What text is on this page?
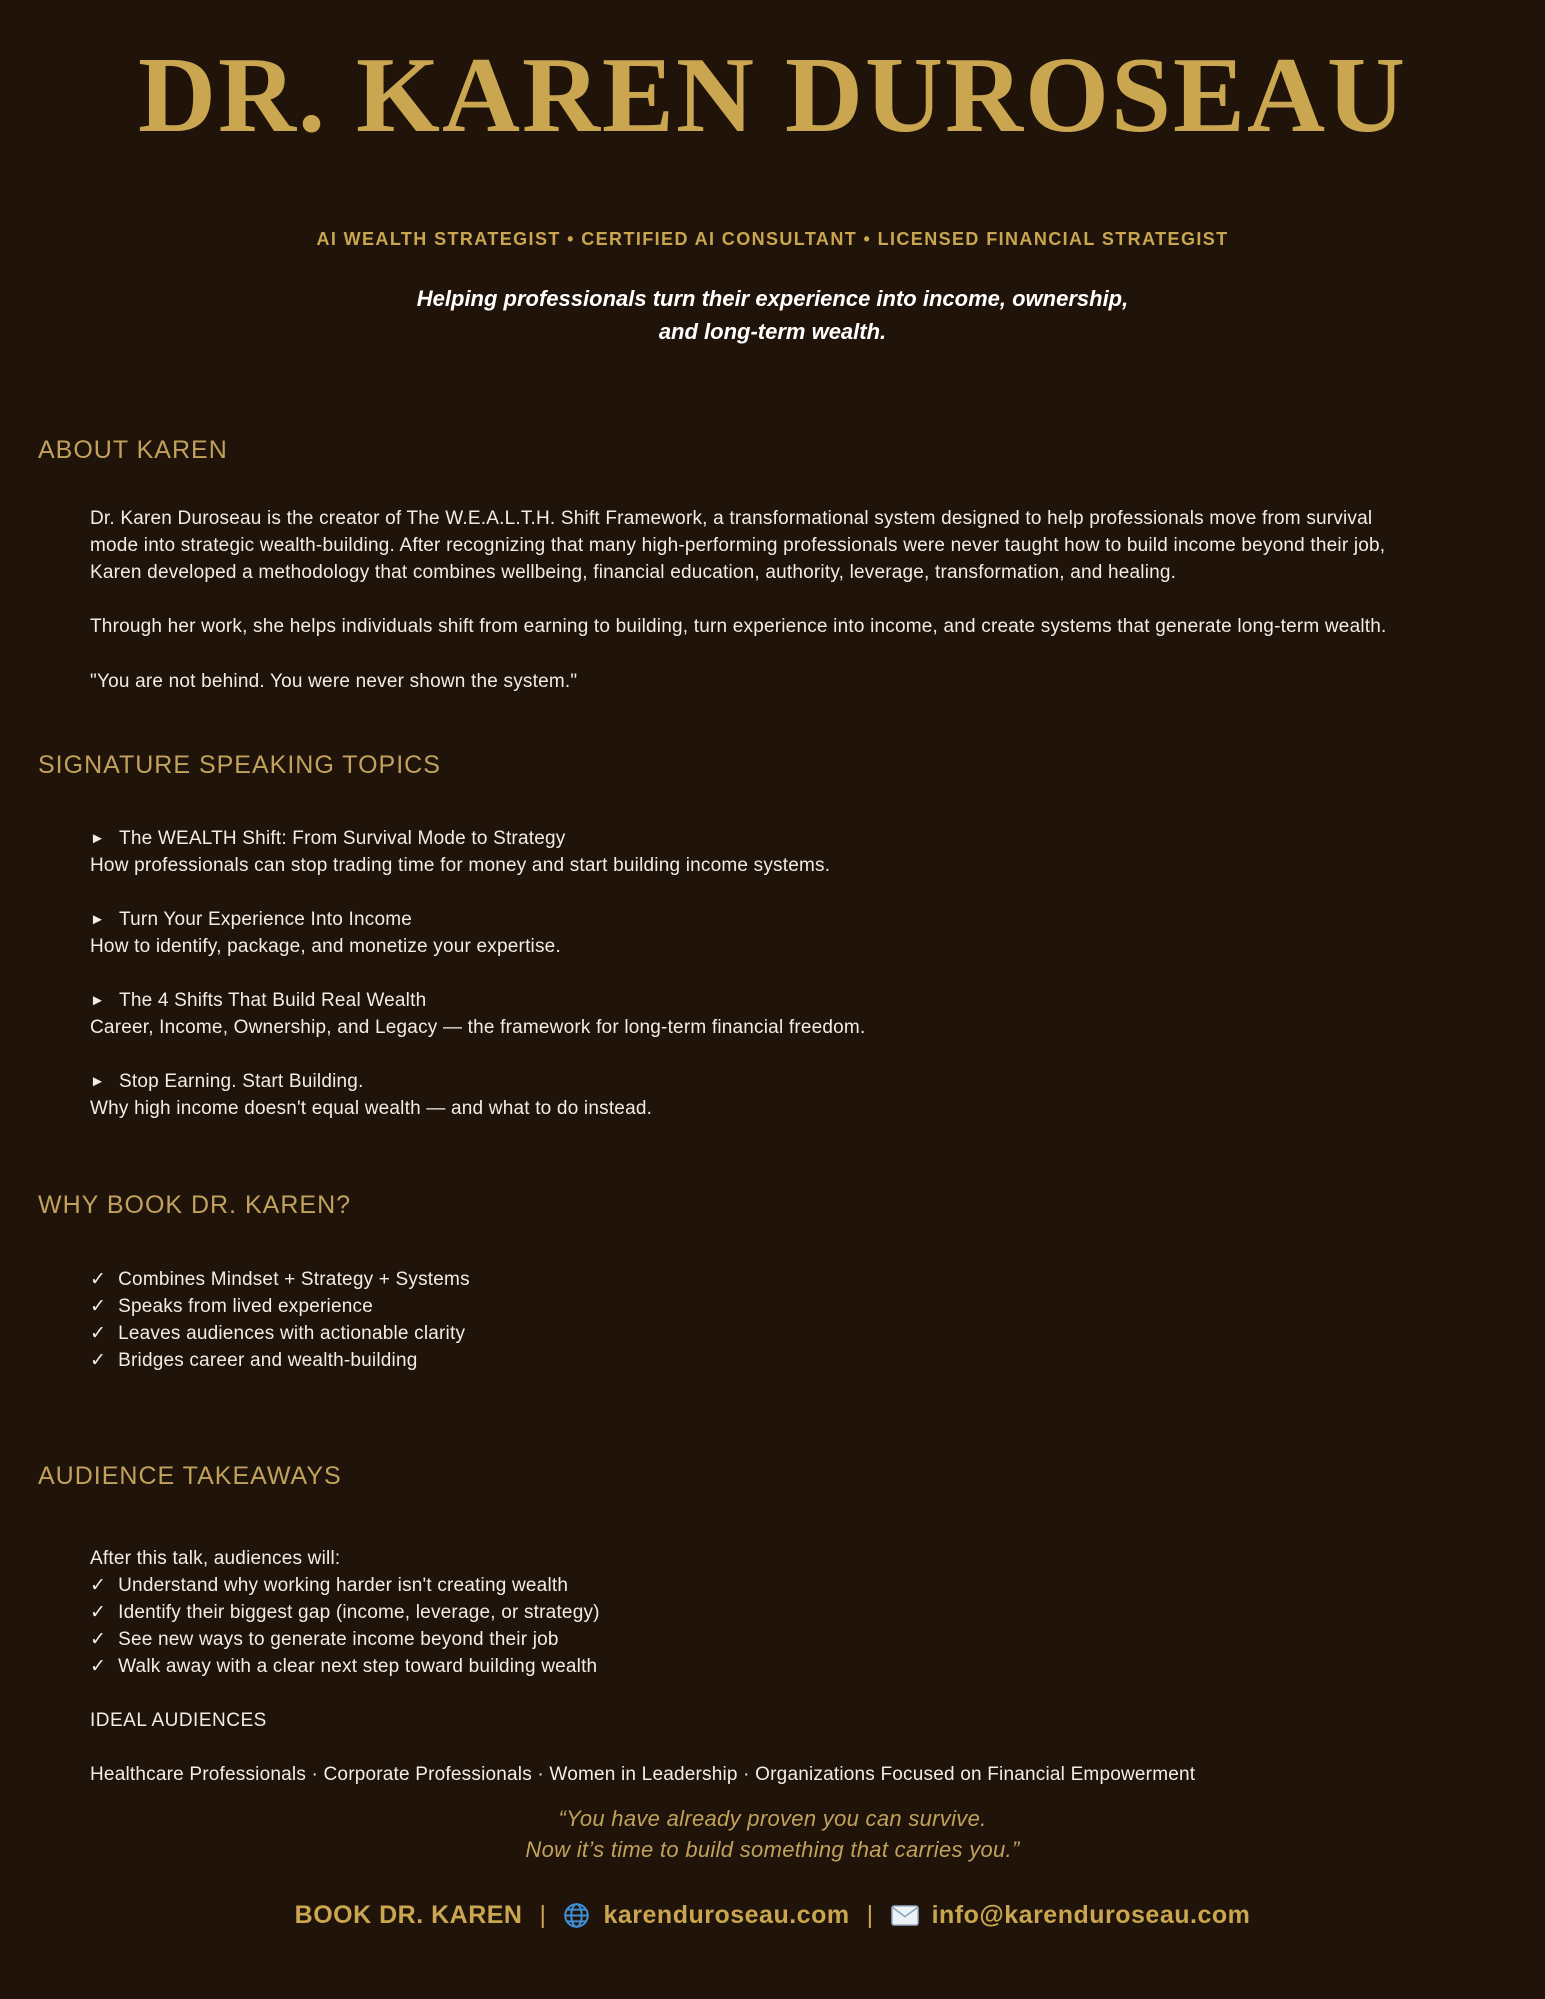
DR. KAREN DUROSEAU
AI WEALTH STRATEGIST • CERTIFIED AI CONSULTANT • LICENSED FINANCIAL STRATEGIST
Helping professionals turn their experience into income, ownership,
and long-term wealth.
ABOUT KAREN

Dr. Karen Duroseau is the creator of The W.E.A.L.T.H. Shift Framework, a transformational system designed to help professionals move from survival mode into strategic wealth-building. After recognizing that many high-performing professionals were never taught how to build income beyond their job, Karen developed a methodology that combines wellbeing, financial education, authority, leverage, transformation, and healing.

Through her work, she helps individuals shift from earning to building, turn experience into income, and create systems that generate long-term wealth.

"You are not behind. You were never shown the system."

SIGNATURE SPEAKING TOPICS
► The WEALTH Shift: From Survival Mode to Strategy
How professionals can stop trading time for money and start building income systems.
► Turn Your Experience Into Income
How to identify, package, and monetize your expertise.
► The 4 Shifts That Build Real Wealth
Career, Income, Ownership, and Legacy — the framework for long-term financial freedom.
► Stop Earning. Start Building.
Why high income doesn't equal wealth — and what to do instead.
WHY BOOK DR. KAREN?
✓ Combines Mindset + Strategy + Systems
✓ Speaks from lived experience
✓ Leaves audiences with actionable clarity
✓ Bridges career and wealth-building
AUDIENCE TAKEAWAYS
After this talk, audiences will:
✓ Understand why working harder isn't creating wealth
✓ Identify their biggest gap (income, leverage, or strategy)
✓ See new ways to generate income beyond their job
✓ Walk away with a clear next step toward building wealth
IDEAL AUDIENCES
Healthcare Professionals · Corporate Professionals · Women in Leadership · Organizations Focused on Financial Empowerment
“You have already proven you can survive.
Now it’s time to build something that carries you.”
BOOK DR. KAREN | karenduroseau.com | info@karenduroseau.com
